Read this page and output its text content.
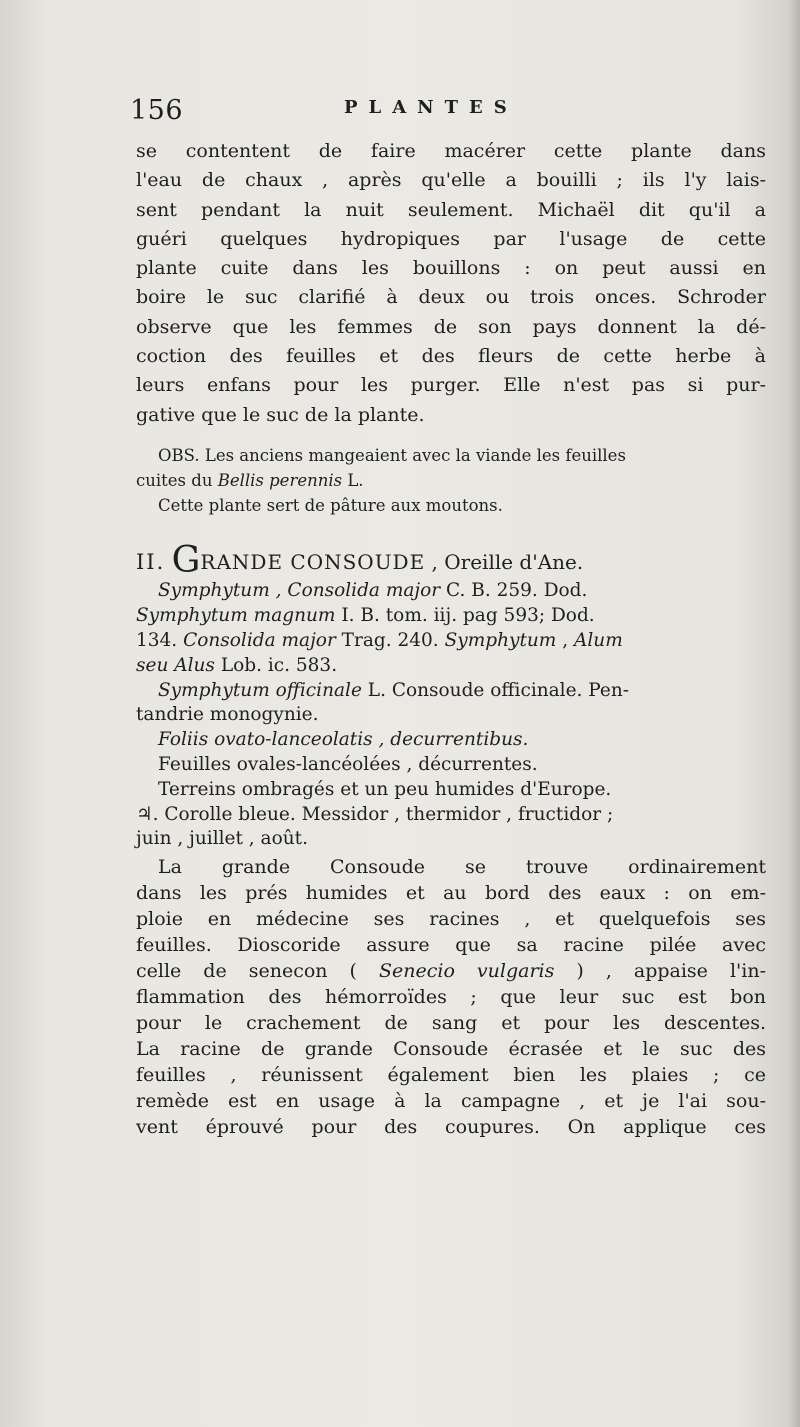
156	PLANTES
se contentent de faire macérer cette plante dans
l'eau de chaux , après qu'elle a bouilli ; ils l'y lais-
sent pendant la nuit seulement. Michaël dit qu'il a
guéri quelques hydropiques par l'usage de cette
plante cuite dans les bouillons : on peut aussi en
boire le suc clarifié à deux ou trois onces. Schroder
observe que les femmes de son pays donnent la dé-
coction des feuilles et des fleurs de cette herbe à
leurs enfans pour les purger. Elle n'est pas si pur-
gative que le suc de la plante.
OBS. Les anciens mangeaient avec la viande les feuilles
cuites du Bellis perennis L.
Cette plante sert de pâture aux moutons.
II. GRANDE CONSOUDE , Oreille d'Ane.
Symphytum , Consolida major C. B. 259. Dod.
Symphytum magnum I. B. tom. iij. pag 593; Dod.
134. Consolida major Trag. 240. Symphytum , Alum
seu Alus Lob. ic. 583.
Symphytum officinale L. Consoude officinale. Pen-
tandrie monogynie.
Foliis ovato-lanceolatis , decurrentibus.
Feuilles ovales-lancéolées , décurrentes.
Terreins ombragés et un peu humides d'Europe.
♃. Corolle bleue. Messidor , thermidor , fructidor ;
juin , juillet , août.
La grande Consoude se trouve ordinairement
dans les prés humides et au bord des eaux : on em-
ploie en médecine ses racines , et quelquefois ses
feuilles. Dioscoride assure que sa racine pilée avec
celle de senecon ( Senecio vulgaris ) , appaise l'in-
flammation des hémorroïdes ; que leur suc est bon
pour le crachement de sang et pour les descentes.
La racine de grande Consoude écrasée et le suc des
feuilles , réunissent également bien les plaies ; ce
remède est en usage à la campagne , et je l'ai sou-
vent éprouvé pour des coupures. On applique ces
